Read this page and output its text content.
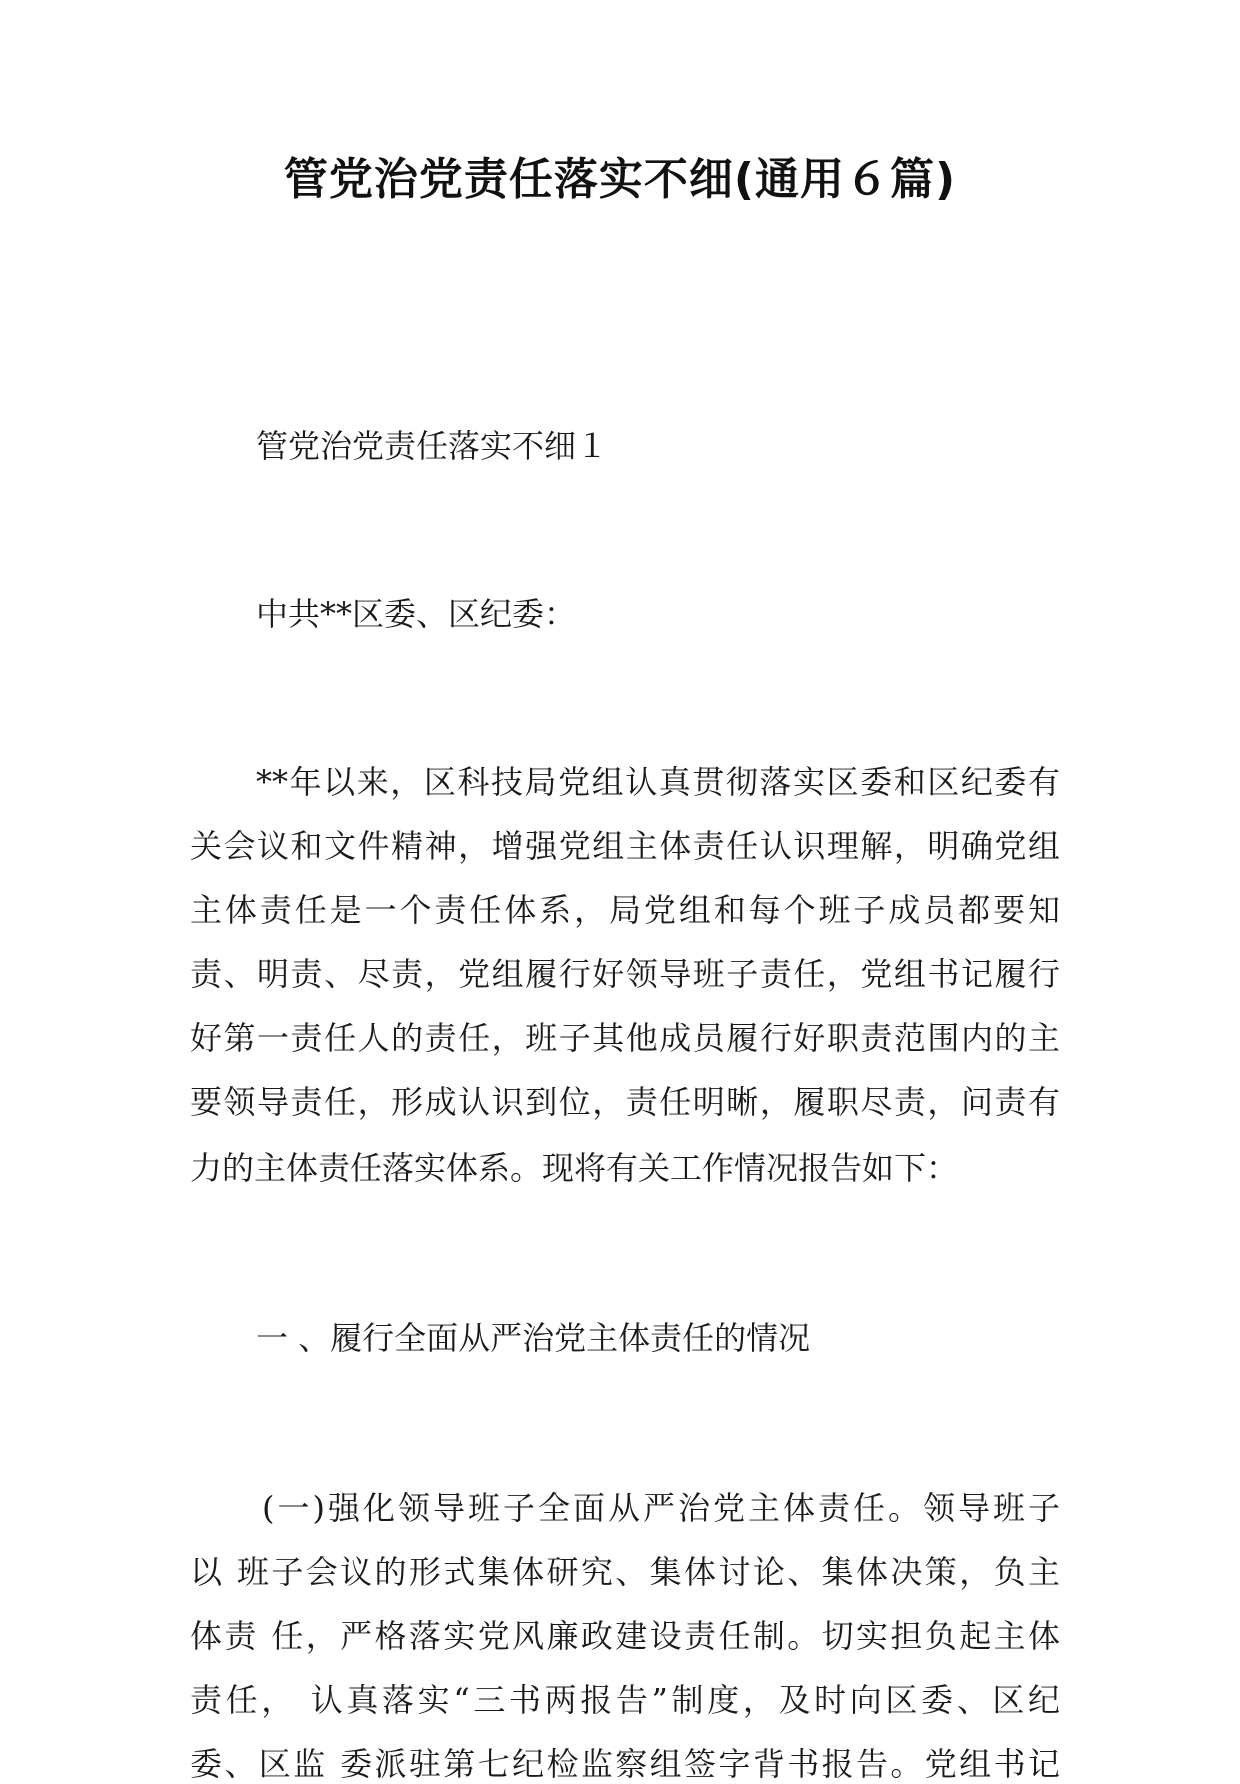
管党治党责任落实不细(通用６篇)
管党治党责任落实不细１
中共**区委、区纪委：
**年以来，区科技局党组认真贯彻落实区委和区纪委有
关会议和文件精神，增强党组主体责任认识理解，明确党组
主体责任是一个责任体系，局党组和每个班子成员都要知
责、明责、尽责，党组履行好领导班子责任，党组书记履行
好第一责任人的责任，班子其他成员履行好职责范围内的主
要领导责任，形成认识到位，责任明晰，履职尽责，问责有
力的主体责任落实体系。现将有关工作情况报告如下：
一 、履行全面从严治党主体责任的情况
(一)强化领导班子全面从严治党主体责任。领导班子
以 班子会议的形式集体研究、集体讨论、集体决策，负主
体责 任，严格落实党风廉政建设责任制。切实担负起主体
责任， 认真落实“三书两报告”制度，及时向区委、区纪
委、区监 委派驻第七纪检监察组签字背书报告。党组书记
